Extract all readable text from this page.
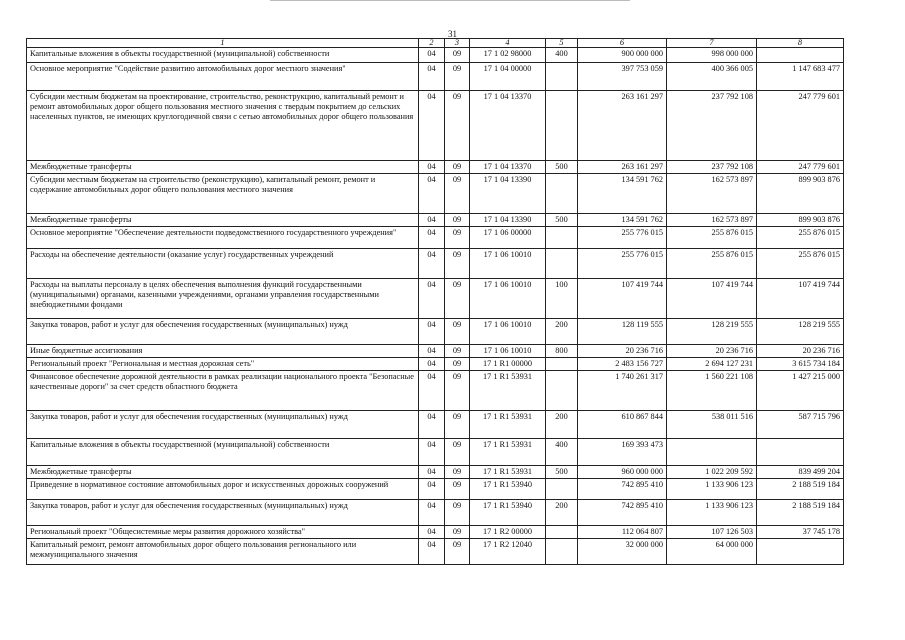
31
1	2	3	4	5	6	7	8
Капитальные вложения в объекты государственной (муниципальной) собственности	04	09	17 1 02 98000	400	900 000 000	998 000 000	
Основное мероприятие "Содействие развитию автомобильных дорог местного значения"	04	09	17 1 04 00000		397 753 059	400 366 005	1 147 683 477
Субсидии местным бюджетам на проектирование, строительство, реконструкцию, капитальный ремонт и ремонт автомобильных дорог общего пользования местного значения с твердым покрытием до сельских населенных пунктов, не имеющих круглогодичной связи с сетью автомобильных дорог общего пользования	04	09	17 1 04 13370		263 161 297	237 792 108	247 779 601
Межбюджетные трансферты	04	09	17 1 04 13370	500	263 161 297	237 792 108	247 779 601
Субсидии местным бюджетам на строительство (реконструкцию), капитальный ремонт, ремонт и содержание автомобильных дорог общего пользования местного значения	04	09	17 1 04 13390		134 591 762	162 573 897	899 903 876
Межбюджетные трансферты	04	09	17 1 04 13390	500	134 591 762	162 573 897	899 903 876
Основное мероприятие "Обеспечение деятельности подведомственного государственного учреждения"	04	09	17 1 06 00000		255 776 015	255 876 015	255 876 015
Расходы на обеспечение деятельности (оказание услуг) государственных учреждений	04	09	17 1 06 10010		255 776 015	255 876 015	255 876 015
Расходы на выплаты персоналу в целях обеспечения выполнения функций государственными (муниципальными) органами, казенными учреждениями, органами управления государственными внебюджетными фондами	04	09	17 1 06 10010	100	107 419 744	107 419 744	107 419 744
Закупка товаров, работ и услуг для обеспечения государственных (муниципальных) нужд	04	09	17 1 06 10010	200	128 119 555	128 219 555	128 219 555
Иные бюджетные ассигнования	04	09	17 1 06 10010	800	20 236 716	20 236 716	20 236 716
Региональный проект "Региональная и местная дорожная сеть"	04	09	17 1 R1 00000		2 483 156 727	2 694 127 231	3 615 734 184
Финансовое обеспечение дорожной деятельности в рамках реализации национального проекта "Безопасные качественные дороги" за счет средств областного бюджета	04	09	17 1 R1 53931		1 740 261 317	1 560 221 108	1 427 215 000
Закупка товаров, работ и услуг для обеспечения государственных (муниципальных) нужд	04	09	17 1 R1 53931	200	610 867 844	538 011 516	587 715 796
Капитальные вложения в объекты государственной (муниципальной) собственности	04	09	17 1 R1 53931	400	169 393 473		
Межбюджетные трансферты	04	09	17 1 R1 53931	500	960 000 000	1 022 209 592	839 499 204
Приведение в нормативное состояние автомобильных дорог и искусственных дорожных сооружений	04	09	17 1 R1 53940		742 895 410	1 133 906 123	2 188 519 184
Закупка товаров, работ и услуг для обеспечения государственных (муниципальных) нужд	04	09	17 1 R1 53940	200	742 895 410	1 133 906 123	2 188 519 184
Региональный проект "Общесистемные меры развития дорожного хозяйства"	04	09	17 1 R2 00000		112 064 807	107 126 503	37 745 178
Капитальный ремонт, ремонт автомобильных дорог общего пользования регионального или межмуниципального значения	04	09	17 1 R2 12040		32 000 000	64 000 000	
